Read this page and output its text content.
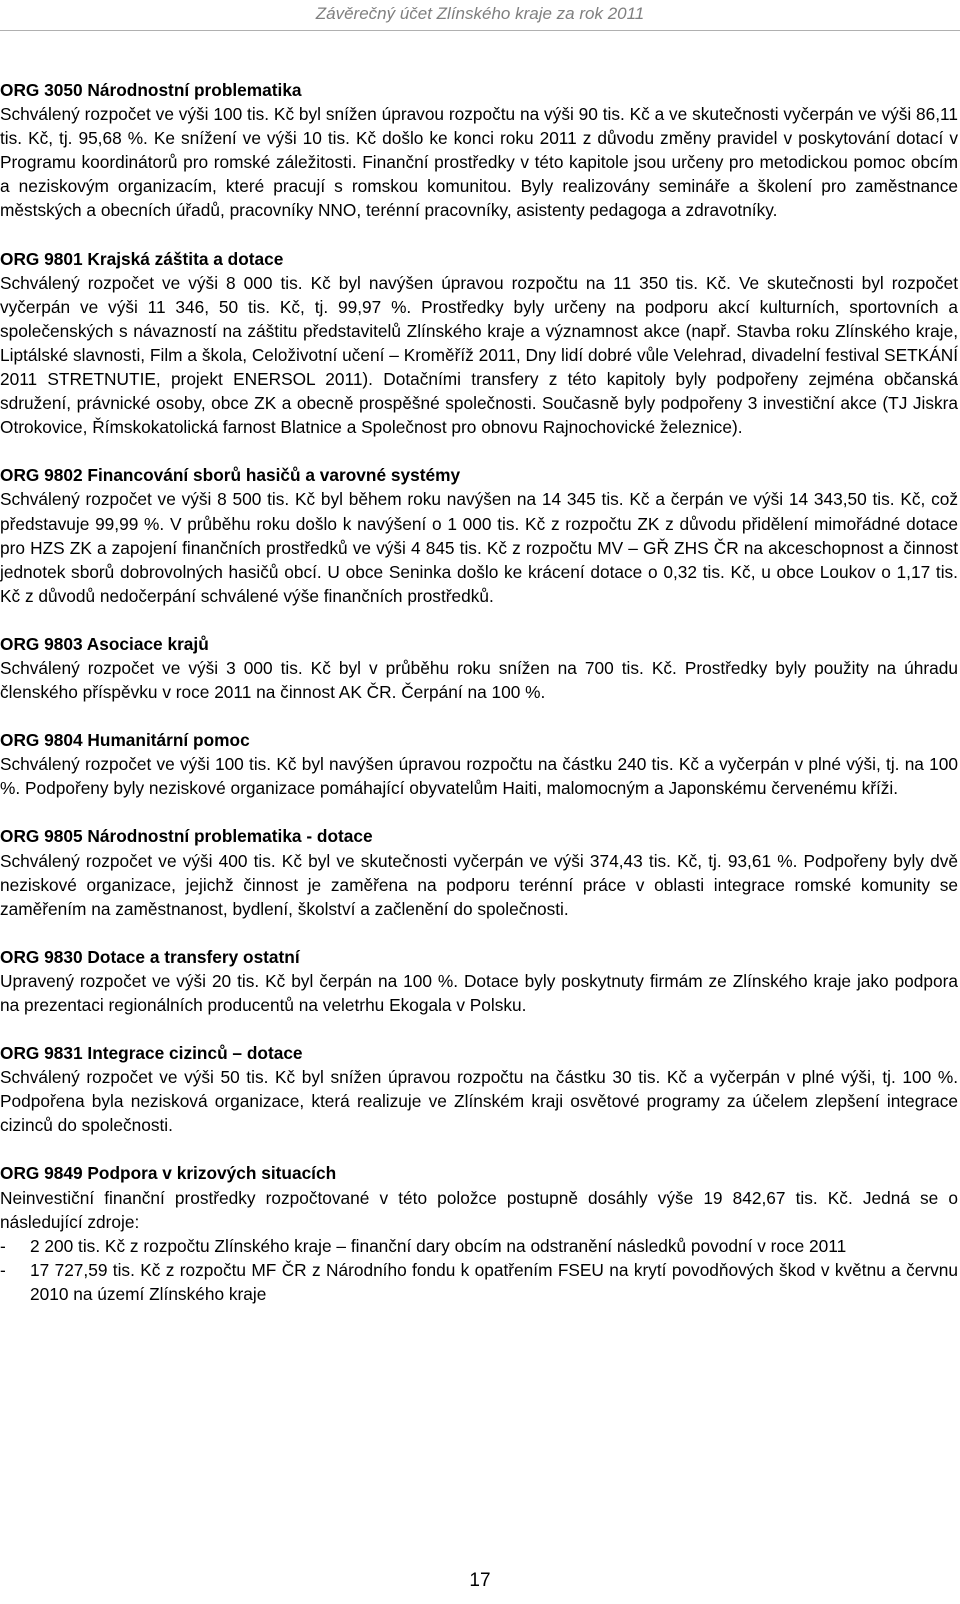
Závěrečný účet Zlínského kraje za rok 2011
ORG 3050 Národnostní problematika
Schválený rozpočet ve výši 100 tis. Kč byl snížen úpravou rozpočtu na výši 90 tis. Kč a ve skutečnosti vyčerpán ve výši 86,11 tis. Kč, tj. 95,68 %. Ke snížení ve výši 10 tis. Kč došlo ke konci roku 2011 z důvodu změny pravidel v poskytování dotací v Programu koordinátorů pro romské záležitosti. Finanční prostředky v této kapitole jsou určeny pro metodickou pomoc obcím a neziskovým organizacím, které pracují s romskou komunitou. Byly realizovány semináře a školení pro zaměstnance městských a obecních úřadů, pracovníky NNO, terénní pracovníky, asistenty pedagoga a zdravotníky.
ORG 9801 Krajská záštita a dotace
Schválený rozpočet ve výši 8 000 tis. Kč byl navýšen úpravou rozpočtu na 11 350 tis. Kč. Ve skutečnosti byl rozpočet vyčerpán ve výši 11 346, 50 tis. Kč, tj. 99,97 %. Prostředky byly určeny na podporu akcí kulturních, sportovních a společenských s návazností na záštitu představitelů Zlínského kraje a významnost akce (např. Stavba roku Zlínského kraje, Liptálské slavnosti, Film a škola, Celoživotní učení – Kroměříž 2011, Dny lidí dobré vůle Velehrad, divadelní festival SETKÁNÍ 2011 STRETNUTIE, projekt ENERSOL 2011). Dotačními transfery z této kapitoly byly podpořeny zejména občanská sdružení, právnické osoby, obce ZK a obecně prospěšné společnosti. Současně byly podpořeny 3 investiční akce (TJ Jiskra Otrokovice, Římskokatolická farnost Blatnice a Společnost pro obnovu Rajnochovické železnice).
ORG 9802 Financování sborů hasičů a varovné systémy
Schválený rozpočet ve výši 8 500 tis. Kč byl během roku navýšen na 14 345 tis. Kč a čerpán ve výši 14 343,50 tis. Kč, což představuje 99,99 %. V průběhu roku došlo k navýšení o 1 000 tis. Kč z rozpočtu ZK z důvodu přidělení mimořádné dotace pro HZS ZK a zapojení finančních prostředků ve výši 4 845 tis. Kč z rozpočtu MV – GŘ ZHS ČR na akceschopnost a činnost jednotek sborů dobrovolných hasičů obcí. U obce Seninka došlo ke krácení dotace o 0,32 tis. Kč, u obce Loukov o 1,17 tis. Kč z důvodů nedočerpání schválené výše finančních prostředků.
ORG 9803 Asociace krajů
Schválený rozpočet ve výši 3 000 tis. Kč byl v průběhu roku snížen na 700 tis. Kč. Prostředky byly použity na úhradu členského příspěvku v roce 2011 na činnost AK ČR. Čerpání na 100 %.
ORG 9804 Humanitární pomoc
Schválený rozpočet ve výši 100 tis. Kč byl navýšen úpravou rozpočtu na částku 240 tis. Kč a vyčerpán v plné výši, tj. na 100 %. Podpořeny byly neziskové organizace pomáhající obyvatelům Haiti, malomocným a Japonskému červenému kříži.
ORG 9805 Národnostní problematika - dotace
Schválený rozpočet ve výši 400 tis. Kč byl ve skutečnosti vyčerpán ve výši 374,43 tis. Kč, tj. 93,61 %. Podpořeny byly dvě neziskové organizace, jejichž činnost je zaměřena na podporu terénní práce v oblasti integrace romské komunity se zaměřením na zaměstnanost, bydlení, školství a začlenění do společnosti.
ORG 9830 Dotace a transfery ostatní
Upravený rozpočet ve výši 20 tis. Kč byl čerpán na 100 %. Dotace byly poskytnuty firmám ze Zlínského kraje jako podpora na prezentaci regionálních producentů na veletrhu Ekogala v Polsku.
ORG 9831 Integrace cizinců – dotace
Schválený rozpočet ve výši 50 tis. Kč byl snížen úpravou rozpočtu na částku 30 tis. Kč a vyčerpán v plné výši, tj. 100 %. Podpořena byla nezisková organizace, která realizuje ve Zlínském kraji osvětové programy za účelem zlepšení integrace cizinců do společnosti.
ORG 9849 Podpora v krizových situacích
Neinvestiční finanční prostředky rozpočtované v této položce postupně dosáhly výše 19 842,67 tis. Kč. Jedná se o následující zdroje:
- 2 200 tis. Kč z rozpočtu Zlínského kraje – finanční dary obcím na odstranění následků povodní v roce 2011
- 17 727,59 tis. Kč z rozpočtu MF ČR z Národního fondu k opatřením FSEU na krytí povodňových škod v květnu a červnu 2010 na území Zlínského kraje
17
